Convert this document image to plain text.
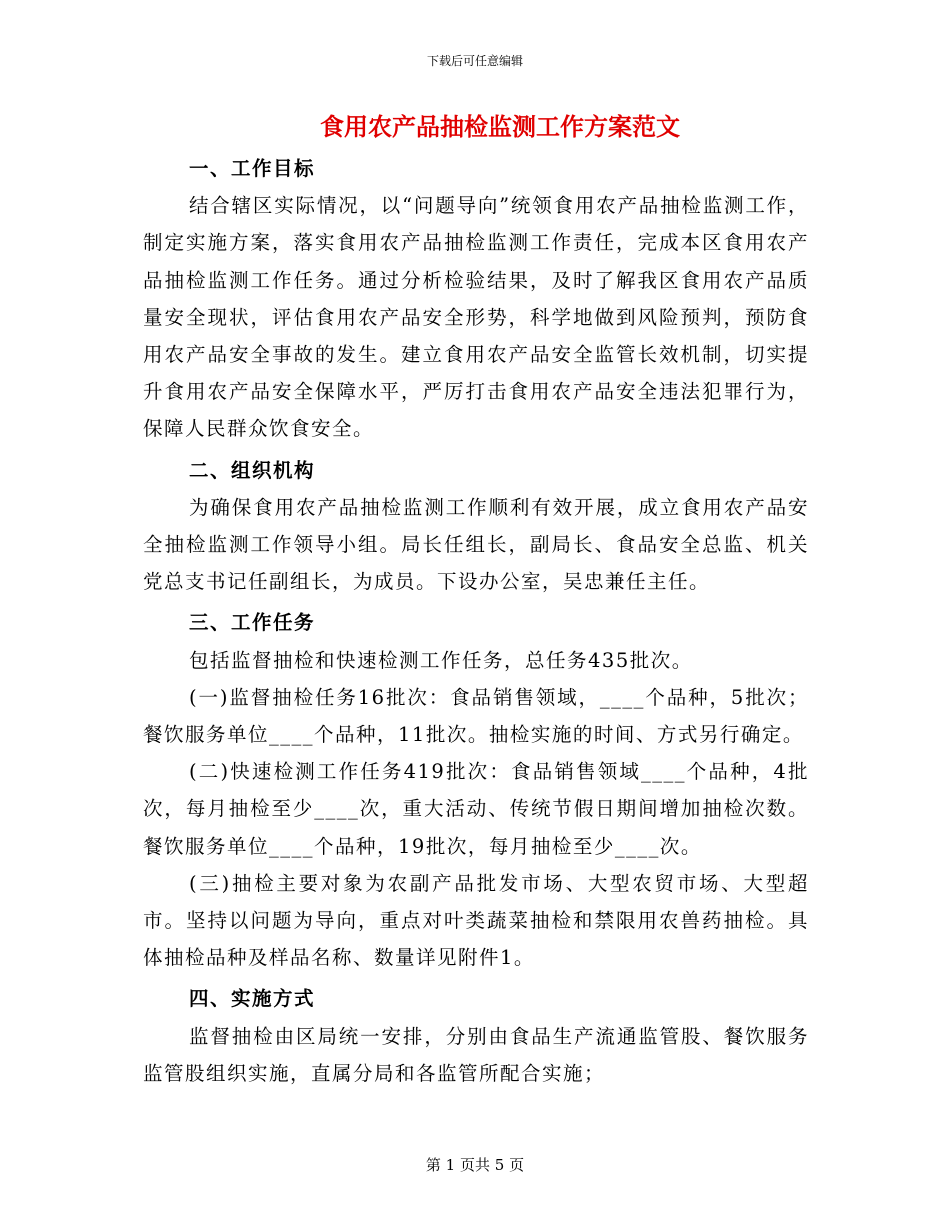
下载后可任意编辑
食用农产品抽检监测工作方案范文
一、工作目标

结合辖区实际情况，以“问题导向”统领食用农产品抽检监测工作，制定实施方案，落实食用农产品抽检监测工作责任，完成本区食用农产品抽检监测工作任务。通过分析检验结果，及时了解我区食用农产品质量安全现状，评估食用农产品安全形势，科学地做到风险预判，预防食用农产品安全事故的发生。建立食用农产品安全监管长效机制，切实提升食用农产品安全保障水平，严厉打击食用农产品安全违法犯罪行为，保障人民群众饮食安全。

二、组织机构

为确保食用农产品抽检监测工作顺利有效开展，成立食用农产品安全抽检监测工作领导小组。局长任组长，副局长、食品安全总监、机关党总支书记任副组长，为成员。下设办公室，吴忠兼任主任。

三、工作任务

包括监督抽检和快速检测工作任务，总任务435批次。

(一)监督抽检任务16批次：食品销售领域，____个品种，5批次；餐饮服务单位____个品种，11批次。抽检实施的时间、方式另行确定。

(二)快速检测工作任务419批次：食品销售领域____个品种，4批次，每月抽检至少____次，重大活动、传统节假日期间增加抽检次数。餐饮服务单位____个品种，19批次，每月抽检至少____次。

(三)抽检主要对象为农副产品批发市场、大型农贸市场、大型超市。坚持以问题为导向，重点对叶类蔬菜抽检和禁限用农兽药抽检。具体抽检品种及样品名称、数量详见附件1。

四、实施方式

监督抽检由区局统一安排，分别由食品生产流通监管股、餐饮服务监管股组织实施，直属分局和各监管所配合实施；

第 1 页共 5 页
